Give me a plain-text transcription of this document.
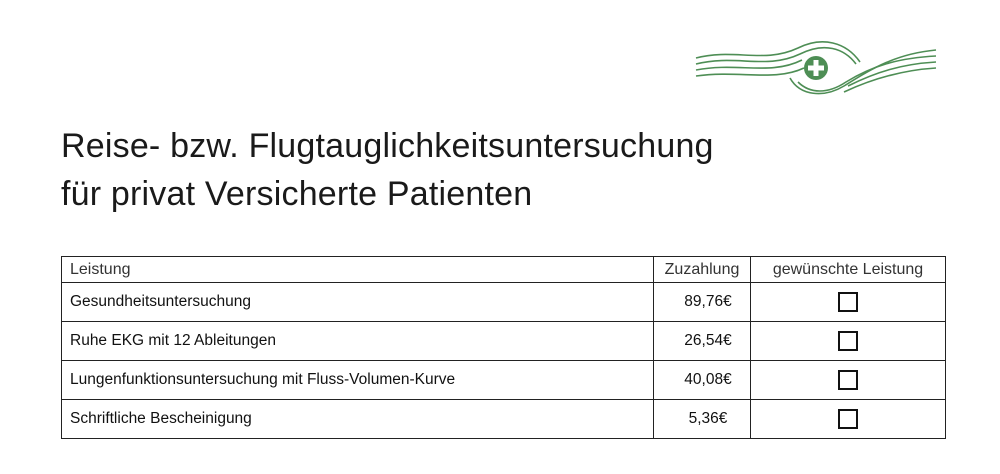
Reise- bzw. Flugtauglichkeitsuntersuchung
für privat Versicherte Patienten
Leistung	Zuzahlung	gewünschte Leistung
Gesundheitsuntersuchung	89,76€	
Ruhe EKG mit 12 Ableitungen	26,54€	
Lungenfunktionsuntersuchung mit Fluss-Volumen-Kurve	40,08€	
Schriftliche Bescheinigung	5,36€	
